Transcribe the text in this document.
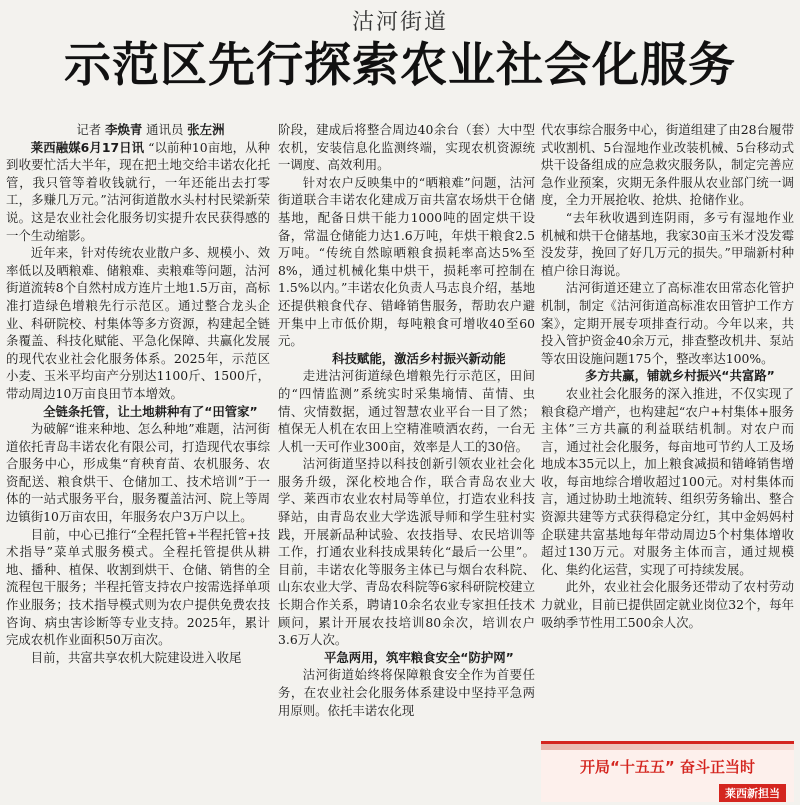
沽河街道
示范区先行探索农业社会化服务

记者 李焕青 通讯员 张左洲

莱西融媒6月17日讯 “以前种10亩地，从种到收要忙活大半年，现在把土地交给丰诺农化托管，我只管等着收钱就行，一年还能出去打零工，多赚几万元。”沽河街道散水头村村民梁新荣说。这是农业社会化服务切实提升农民获得感的一个生动缩影。

近年来，针对传统农业散户多、规模小、效率低以及晒粮难、储粮难、卖粮难等问题，沽河街道流转8个自然村成方连片土地1.5万亩，高标准打造绿色增粮先行示范区。通过整合龙头企业、科研院校、村集体等多方资源，构建起全链条覆盖、科技化赋能、平急化保障、共赢化发展的现代农业社会化服务体系。2025年，示范区小麦、玉米平均亩产分别达1100斤、1500斤，带动周边10万亩良田节本增效。

全链条托管，让土地耕种有了“田管家”

为破解“谁来种地、怎么种地”难题，沽河街道依托青岛丰诺农化有限公司，打造现代农事综合服务中心，形成集“育秧育苗、农机服务、农资配送、粮食烘干、仓储加工、技术培训”于一体的一站式服务平台，服务覆盖沽河、院上等周边镇街10万亩农田，年服务农户3万户以上。

目前，中心已推行“全程托管+半程托管+技术指导”菜单式服务模式。全程托管提供从耕地、播种、植保、收割到烘干、仓储、销售的全流程包干服务；半程托管支持农户按需选择单项作业服务；技术指导模式则为农户提供免费农技咨询、病虫害诊断等专业支持。2025年，累计完成农机作业面积50万亩次。

目前，共富共享农机大院建设进入收尾

阶段，建成后将整合周边40余台（套）大中型农机，安装信息化监测终端，实现农机资源统一调度、高效利用。

针对农户反映集中的“晒粮难”问题，沽河街道联合丰诺农化建成万亩共富农场烘干仓储基地，配备日烘干能力1000吨的固定烘干设备，常温仓储能力达1.6万吨，年烘干粮食2.5万吨。“传统自然晾晒粮食损耗率高达5%至8%，通过机械化集中烘干，损耗率可控制在1.5%以内。”丰诺农化负责人马志良介绍，基地还提供粮食代存、错峰销售服务，帮助农户避开集中上市低价期，每吨粮食可增收40至60元。

科技赋能，激活乡村振兴新动能

走进沽河街道绿色增粮先行示范区，田间的“四情监测”系统实时采集墒情、苗情、虫情、灾情数据，通过智慧农业平台一目了然；植保无人机在农田上空精准喷洒农药，一台无人机一天可作业300亩，效率是人工的30倍。

沽河街道坚持以科技创新引领农业社会化服务升级，深化校地合作，联合青岛农业大学、莱西市农业农村局等单位，打造农业科技驿站，由青岛农业大学选派导师和学生驻村实践，开展新品种试验、农技指导、农民培训等工作，打通农业科技成果转化“最后一公里”。目前，丰诺农化等服务主体已与烟台农科院、山东农业大学、青岛农科院等6家科研院校建立长期合作关系，聘请10余名农业专家担任技术顾问，累计开展农技培训80余次，培训农户3.6万人次。

平急两用，筑牢粮食安全“防护网”

沽河街道始终将保障粮食安全作为首要任务，在农业社会化服务体系建设中坚持平急两用原则。依托丰诺农化现

代农事综合服务中心，街道组建了由28台履带式收割机、5台湿地作业改装机械、5台移动式烘干设备组成的应急救灾服务队，制定完善应急作业预案，灾期无条件服从农业部门统一调度，全力开展抢收、抢烘、抢储作业。

“去年秋收遇到连阴雨，多亏有湿地作业机械和烘干仓储基地，我家30亩玉米才没发霉没发芽，挽回了好几万元的损失。”甲瑞新村种植户徐日海说。

沽河街道还建立了高标准农田常态化管护机制，制定《沽河街道高标准农田管护工作方案》，定期开展专项排查行动。今年以来，共投入管护资金40余万元，排查整改机井、泵站等农田设施问题175个，整改率达100%。

多方共赢，铺就乡村振兴“共富路”

农业社会化服务的深入推进，不仅实现了粮食稳产增产，也构建起“农户+村集体+服务主体”三方共赢的利益联结机制。对农户而言，通过社会化服务，每亩地可节约人工及场地成本35元以上，加上粮食减损和错峰销售增收，每亩地综合增收超过100元。对村集体而言，通过协助土地流转、组织劳务输出、整合资源共建等方式获得稳定分红，其中金妈妈村企联建共富基地每年带动周边5个村集体增收超过130万元。对服务主体而言，通过规模化、集约化运营，实现了可持续发展。

此外，农业社会化服务还带动了农村劳动力就业，目前已提供固定就业岗位32个，每年吸纳季节性用工500余人次。

开局“十五五” 奋斗正当时
莱西新担当
